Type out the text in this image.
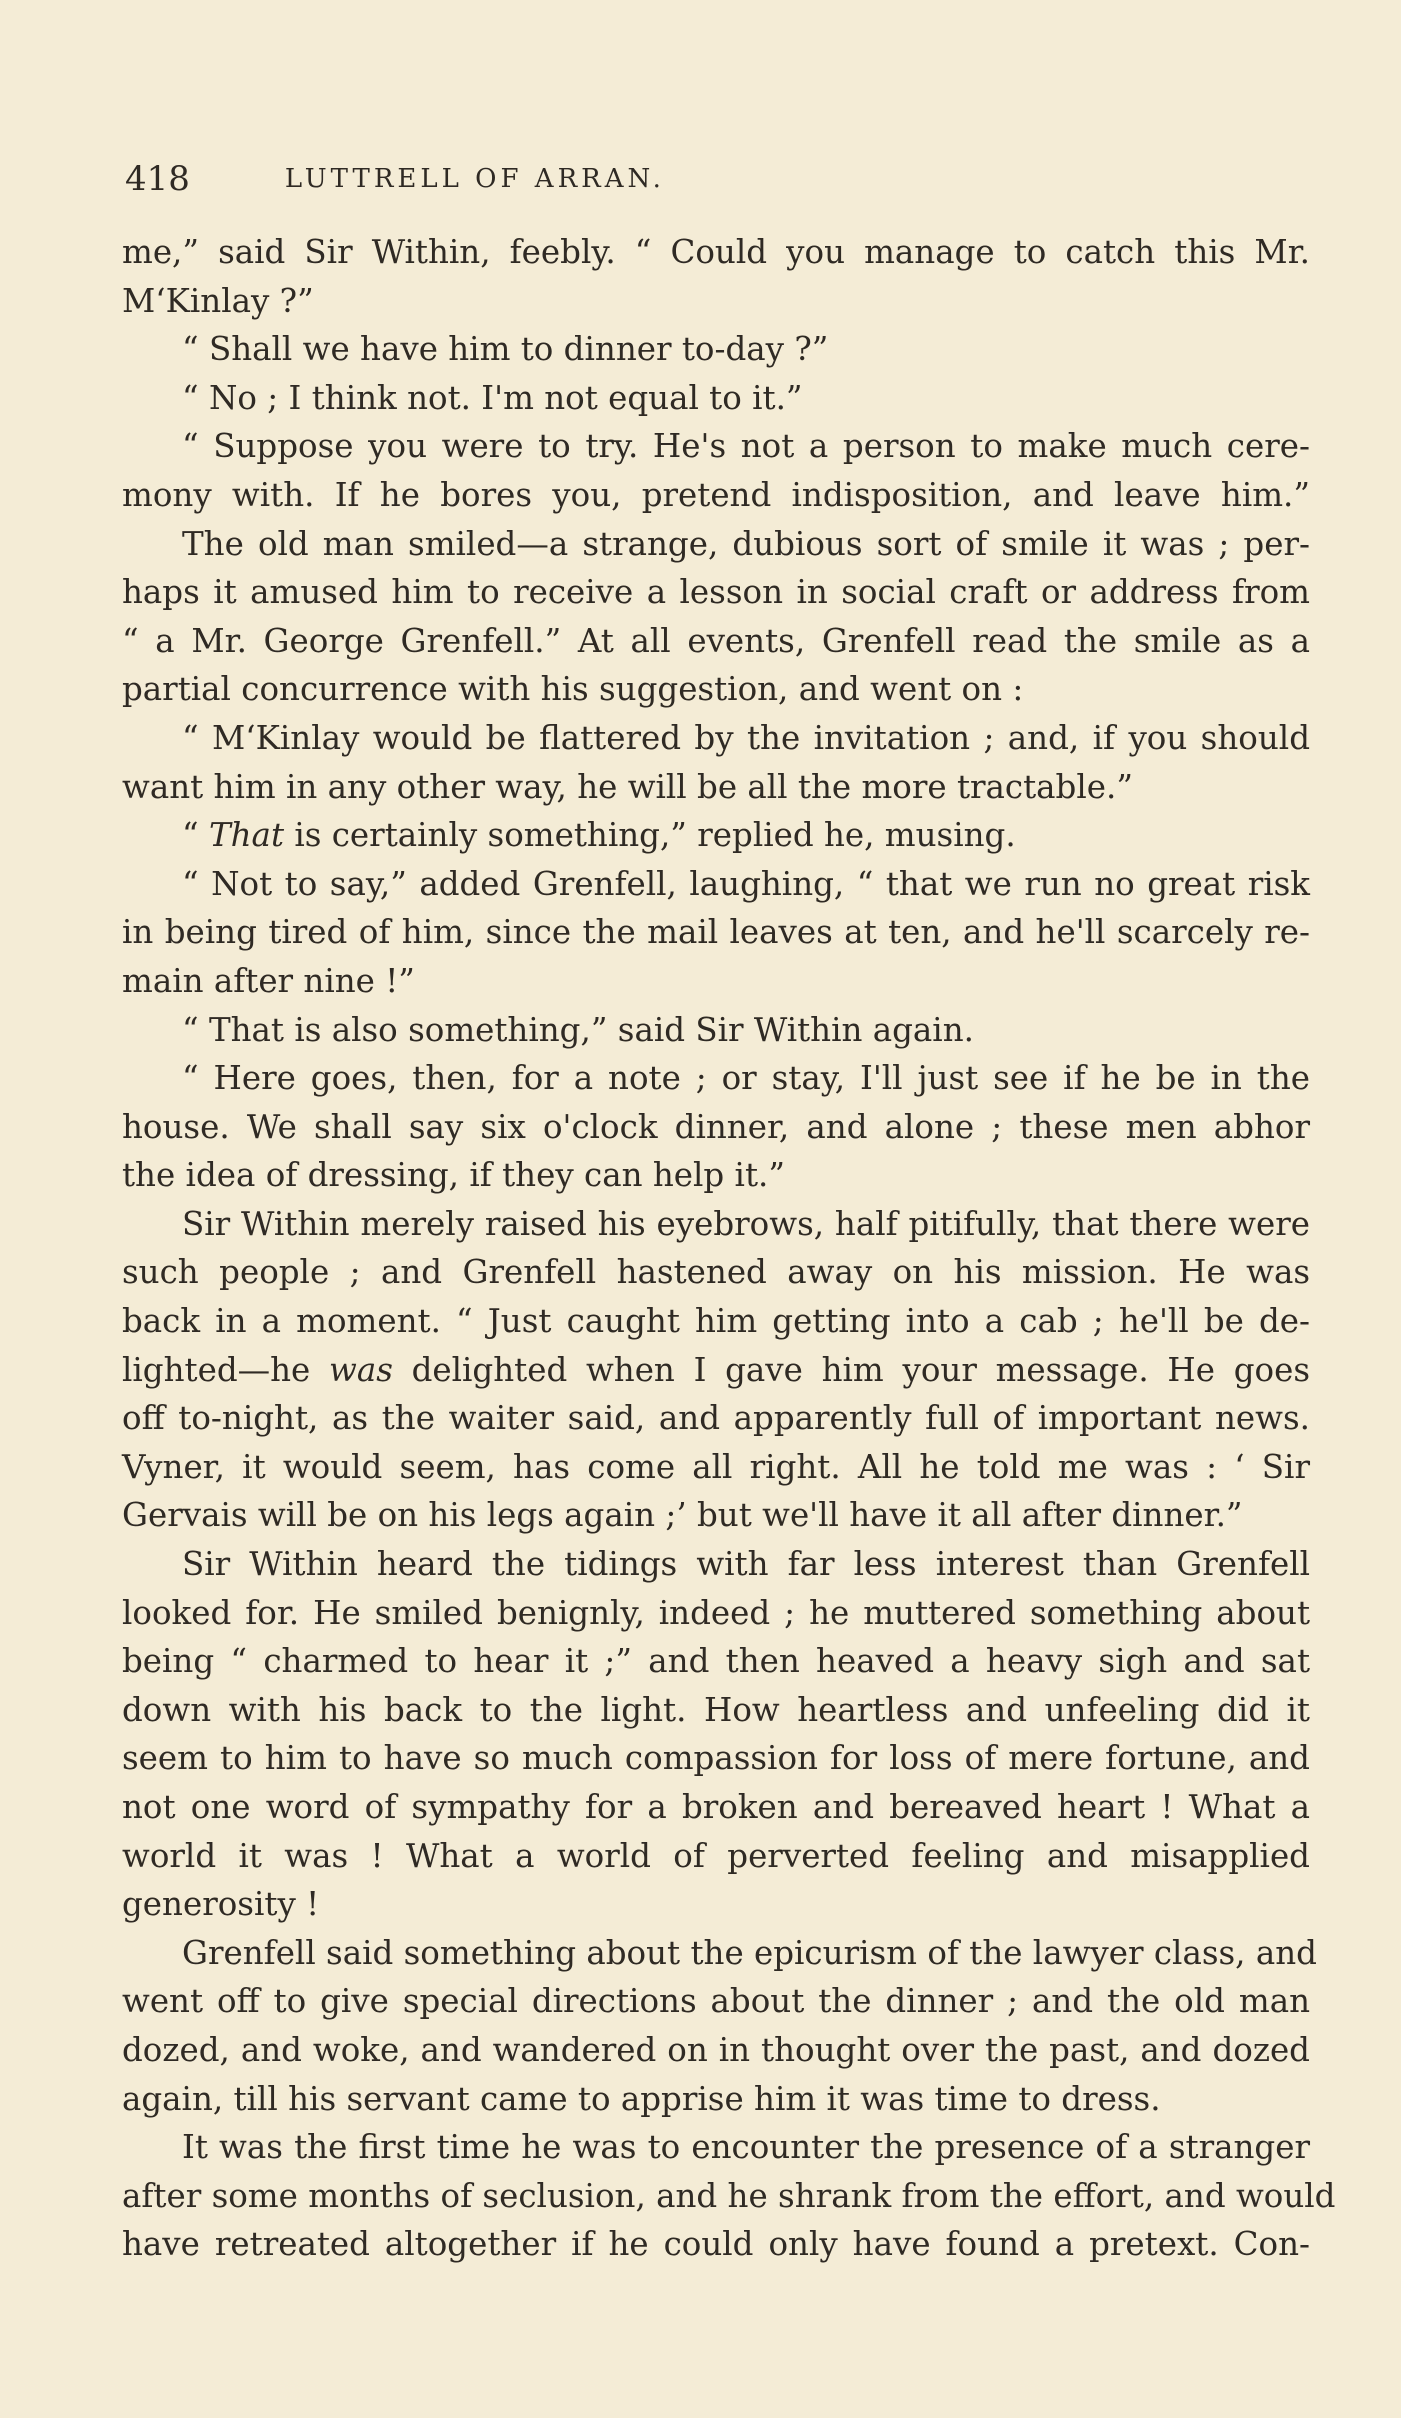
418	LUTTRELL OF ARRAN.
me,” said Sir Within, feebly. “ Could you manage to catch this Mr.
M‘Kinlay ?”
“ Shall we have him to dinner to-day ?”
“ No ; I think not. I'm not equal to it.”
“ Suppose you were to try. He's not a person to make much cere-
mony with. If he bores you, pretend indisposition, and leave him.”
The old man smiled—a strange, dubious sort of smile it was ; per-
haps it amused him to receive a lesson in social craft or address from
“ a Mr. George Grenfell.” At all events, Grenfell read the smile as a
partial concurrence with his suggestion, and went on :
“ M‘Kinlay would be flattered by the invitation ; and, if you should
want him in any other way, he will be all the more tractable.”
“ That is certainly something,” replied he, musing.
“ Not to say,” added Grenfell, laughing, “ that we run no great risk
in being tired of him, since the mail leaves at ten, and he'll scarcely re-
main after nine !”
“ That is also something,” said Sir Within again.
“ Here goes, then, for a note ; or stay, I'll just see if he be in the
house. We shall say six o'clock dinner, and alone ; these men abhor
the idea of dressing, if they can help it.”
Sir Within merely raised his eyebrows, half pitifully, that there were
such people ; and Grenfell hastened away on his mission. He was
back in a moment. “ Just caught him getting into a cab ; he'll be de-
lighted—he was delighted when I gave him your message. He goes
off to-night, as the waiter said, and apparently full of important news.
Vyner, it would seem, has come all right. All he told me was : ‘ Sir
Gervais will be on his legs again ;’ but we'll have it all after dinner.”
Sir Within heard the tidings with far less interest than Grenfell
looked for. He smiled benignly, indeed ; he muttered something about
being “ charmed to hear it ;” and then heaved a heavy sigh and sat
down with his back to the light. How heartless and unfeeling did it
seem to him to have so much compassion for loss of mere fortune, and
not one word of sympathy for a broken and bereaved heart ! What a
world it was ! What a world of perverted feeling and misapplied
generosity !
Grenfell said something about the epicurism of the lawyer class, and
went off to give special directions about the dinner ; and the old man
dozed, and woke, and wandered on in thought over the past, and dozed
again, till his servant came to apprise him it was time to dress.
It was the first time he was to encounter the presence of a stranger
after some months of seclusion, and he shrank from the effort, and would
have retreated altogether if he could only have found a pretext. Con-
